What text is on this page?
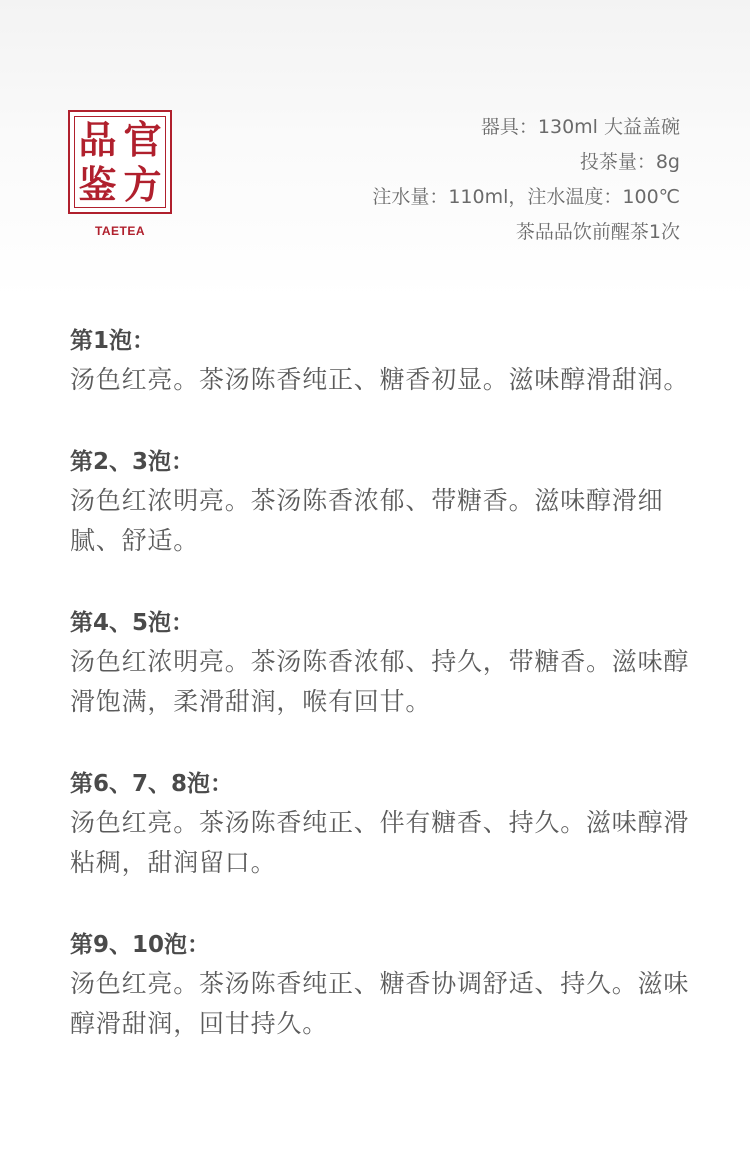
品 官
鉴 方
TAETEA
器具：130ml 大益盖碗
投茶量：8g
注水量：110ml，注水温度：100℃
茶品品饮前醒茶1次
第1泡：
汤色红亮。茶汤陈香纯正、糖香初显。滋味醇滑甜润。
第2、3泡：
汤色红浓明亮。茶汤陈香浓郁、带糖香。滋味醇滑细腻、舒适。
第4、5泡：
汤色红浓明亮。茶汤陈香浓郁、持久，带糖香。滋味醇滑饱满，柔滑甜润，喉有回甘。
第6、7、8泡：
汤色红亮。茶汤陈香纯正、伴有糖香、持久。滋味醇滑粘稠，甜润留口。
第9、10泡：
汤色红亮。茶汤陈香纯正、糖香协调舒适、持久。滋味醇滑甜润，回甘持久。
